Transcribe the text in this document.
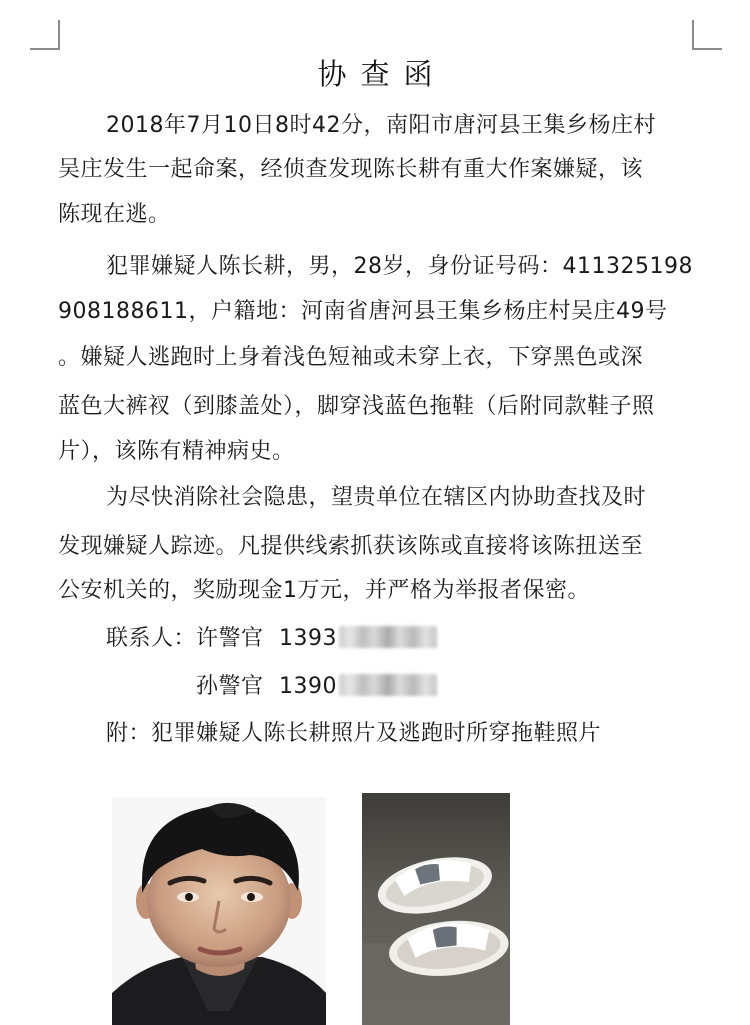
协查函
2018年7月10日8时42分，南阳市唐河县王集乡杨庄村
吴庄发生一起命案，经侦查发现陈长耕有重大作案嫌疑，该
陈现在逃。
犯罪嫌疑人陈长耕，男，28岁，身份证号码：411325198
908188611，户籍地：河南省唐河县王集乡杨庄村吴庄49号
。嫌疑人逃跑时上身着浅色短袖或未穿上衣，下穿黑色或深
蓝色大裤衩（到膝盖处），脚穿浅蓝色拖鞋（后附同款鞋子照
片），该陈有精神病史。
为尽快消除社会隐患，望贵单位在辖区内协助查找及时
发现嫌疑人踪迹。凡提供线索抓获该陈或直接将该陈扭送至
公安机关的，奖励现金1万元，并严格为举报者保密。
联系人：许警官 1393
孙警官 1390
附：犯罪嫌疑人陈长耕照片及逃跑时所穿拖鞋照片
